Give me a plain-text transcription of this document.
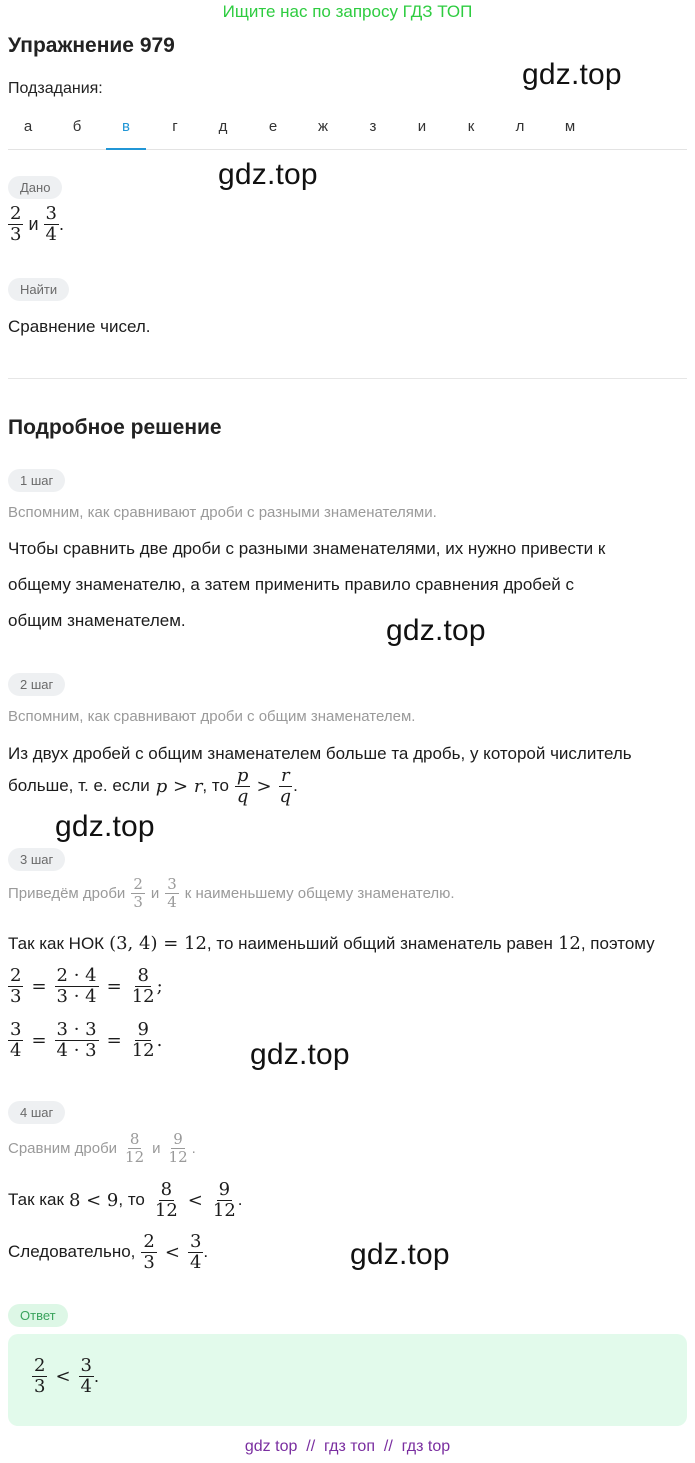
Ищите нас по запросу ГДЗ ТОП
Упражнение 979
Подзадания:	gdz.top
gdz.top
gdz.top
gdz.top
gdz.top
gdz.top
а	б	в	г	д	е	ж	з	и	к	л	м
Дано
$\frac{2}{3}$ и $\frac{3}{4}$ .
Найти
Сравнение чисел.
Подробное решение
1 шаг
Вспомним, как сравнивают дроби с разными знаменателями.
Чтобы сравнить две дроби с разными знаменателями, их нужно привести к
общему знаменателю, а затем применить правило сравнения дробей с
общим знаменателем.
2 шаг
Вспомним, как сравнивают дроби с общим знаменателем.
Из двух дробей с общим знаменателем больше та дробь, у которой числитель
больше, т. е. если p > r , то $\frac{p}{q} > \frac{r}{q}$ .
3 шаг
Приведём дроби $\frac{2}{3}$ и $\frac{3}{4}$ к наименьшему общему знаменателю.
Так как НОК (3, 4) = 12 , то наименьший общий знаменатель равен 12 , поэтому
$\frac{2}{3} = \frac{2 \cdot 4}{3 \cdot 4} = \frac{8}{12}$ ;
$\frac{3}{4} = \frac{3 \cdot 3}{4 \cdot 3} = \frac{9}{12}$ .
4 шаг
Сравним дроби $\frac{8}{12}$ и $\frac{9}{12}$ .
Так как 8 < 9 , то $\frac{8}{12} < \frac{9}{12}$ .
Следовательно, $\frac{2}{3} < \frac{3}{4}$ .
Ответ
$\frac{2}{3} < \frac{3}{4}$ .
gdz top  //  гдз топ  //  гдз top
